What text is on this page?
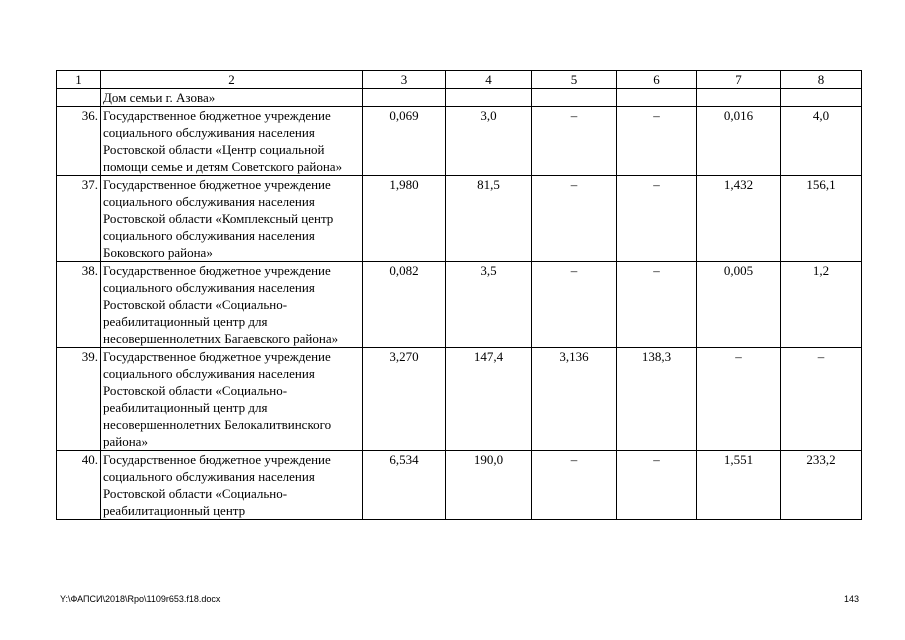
1	2	3	4	5	6	7	8
	Дом семьи г. Азова»						
36.	Государственное бюджетное учреждение социального обслуживания населения Ростовской области «Центр социальной помощи семье и детям Советского района»	0,069	3,0	–	–	0,016	4,0
37.	Государственное бюджетное учреждение социального обслуживания населения Ростовской области «Комплексный центр социального обслуживания населения Боковского района»	1,980	81,5	–	–	1,432	156,1
38.	Государственное бюджетное учреждение социального обслуживания населения Ростовской области «Социально-реабилитационный центр для несовершеннолетних Багаевского района»	0,082	3,5	–	–	0,005	1,2
39.	Государственное бюджетное учреждение социального обслуживания населения Ростовской области «Социально-реабилитационный центр для несовершеннолетних Белокалитвинского района»	3,270	147,4	3,136	138,3	–	–
40.	Государственное бюджетное учреждение социального обслуживания населения Ростовской области «Социально-реабилитационный центр	6,534	190,0	–	–	1,551	233,2
Y:\ФАПСИ\2018\Rpo\1109r653.f18.docx	143
